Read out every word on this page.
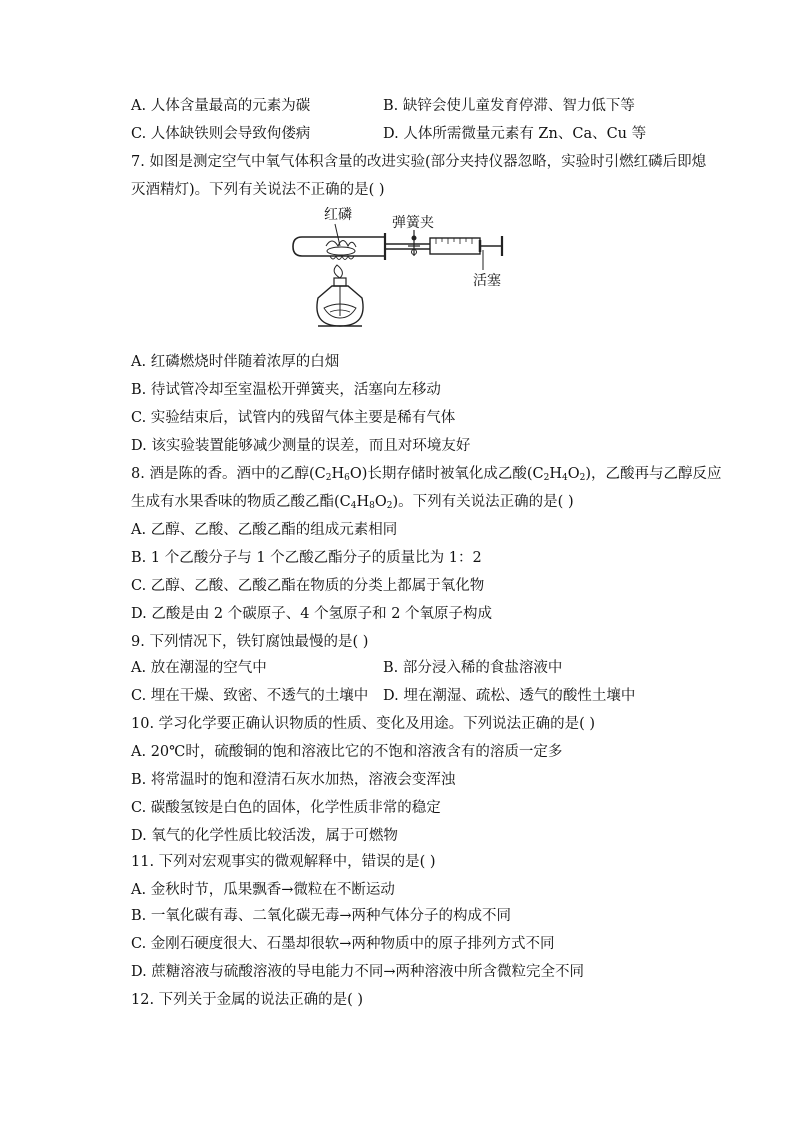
A. 人体含量最高的元素为碳	B. 缺锌会使儿童发育停滞、智力低下等
C. 人体缺铁则会导致佝偻病	D. 人体所需微量元素有 Zn、Ca、Cu 等
7. 如图是测定空气中氧气体积含量的改进实验(部分夹持仪器忽略，实验时引燃红磷后即熄
灭酒精灯)。下列有关说法不正确的是( )
红磷	弹簧夹
活塞
A. 红磷燃烧时伴随着浓厚的白烟
B. 待试管冷却至室温松开弹簧夹，活塞向左移动
C. 实验结束后，试管内的残留气体主要是稀有气体
D. 该实验装置能够减少测量的误差，而且对环境友好
8. 酒是陈的香。酒中的乙醇$(C_2H_6O)$长期存储时被氧化成乙酸$(C_2H_4O_2)$，乙酸再与乙醇反应
生成有水果香味的物质乙酸乙酯$(C_4H_8O_2)$。下列有关说法正确的是( )
A. 乙醇、乙酸、乙酸乙酯的组成元素相同
B. 1 个乙酸分子与 1 个乙酸乙酯分子的质量比为 1：2
C. 乙醇、乙酸、乙酸乙酯在物质的分类上都属于氧化物
D. 乙酸是由 2 个碳原子、4 个氢原子和 2 个氧原子构成
9. 下列情况下，铁钉腐蚀最慢的是( )
A. 放在潮湿的空气中	B. 部分浸入稀的食盐溶液中
C. 埋在干燥、致密、不透气的土壤中 D. 埋在潮湿、疏松、透气的酸性土壤中
10. 学习化学要正确认识物质的性质、变化及用途。下列说法正确的是( )
A. 20℃时，硫酸铜的饱和溶液比它的不饱和溶液含有的溶质一定多
B. 将常温时的饱和澄清石灰水加热，溶液会变浑浊
C. 碳酸氢铵是白色的固体，化学性质非常的稳定
D. 氧气的化学性质比较活泼，属于可燃物
11. 下列对宏观事实的微观解释中，错误的是( )
A. 金秋时节，瓜果飘香→微粒在不断运动
B. 一氧化碳有毒、二氧化碳无毒→两种气体分子的构成不同
C. 金刚石硬度很大、石墨却很软→两种物质中的原子排列方式不同
D. 蔗糖溶液与硫酸溶液的导电能力不同→两种溶液中所含微粒完全不同
12. 下列关于金属的说法正确的是( )
